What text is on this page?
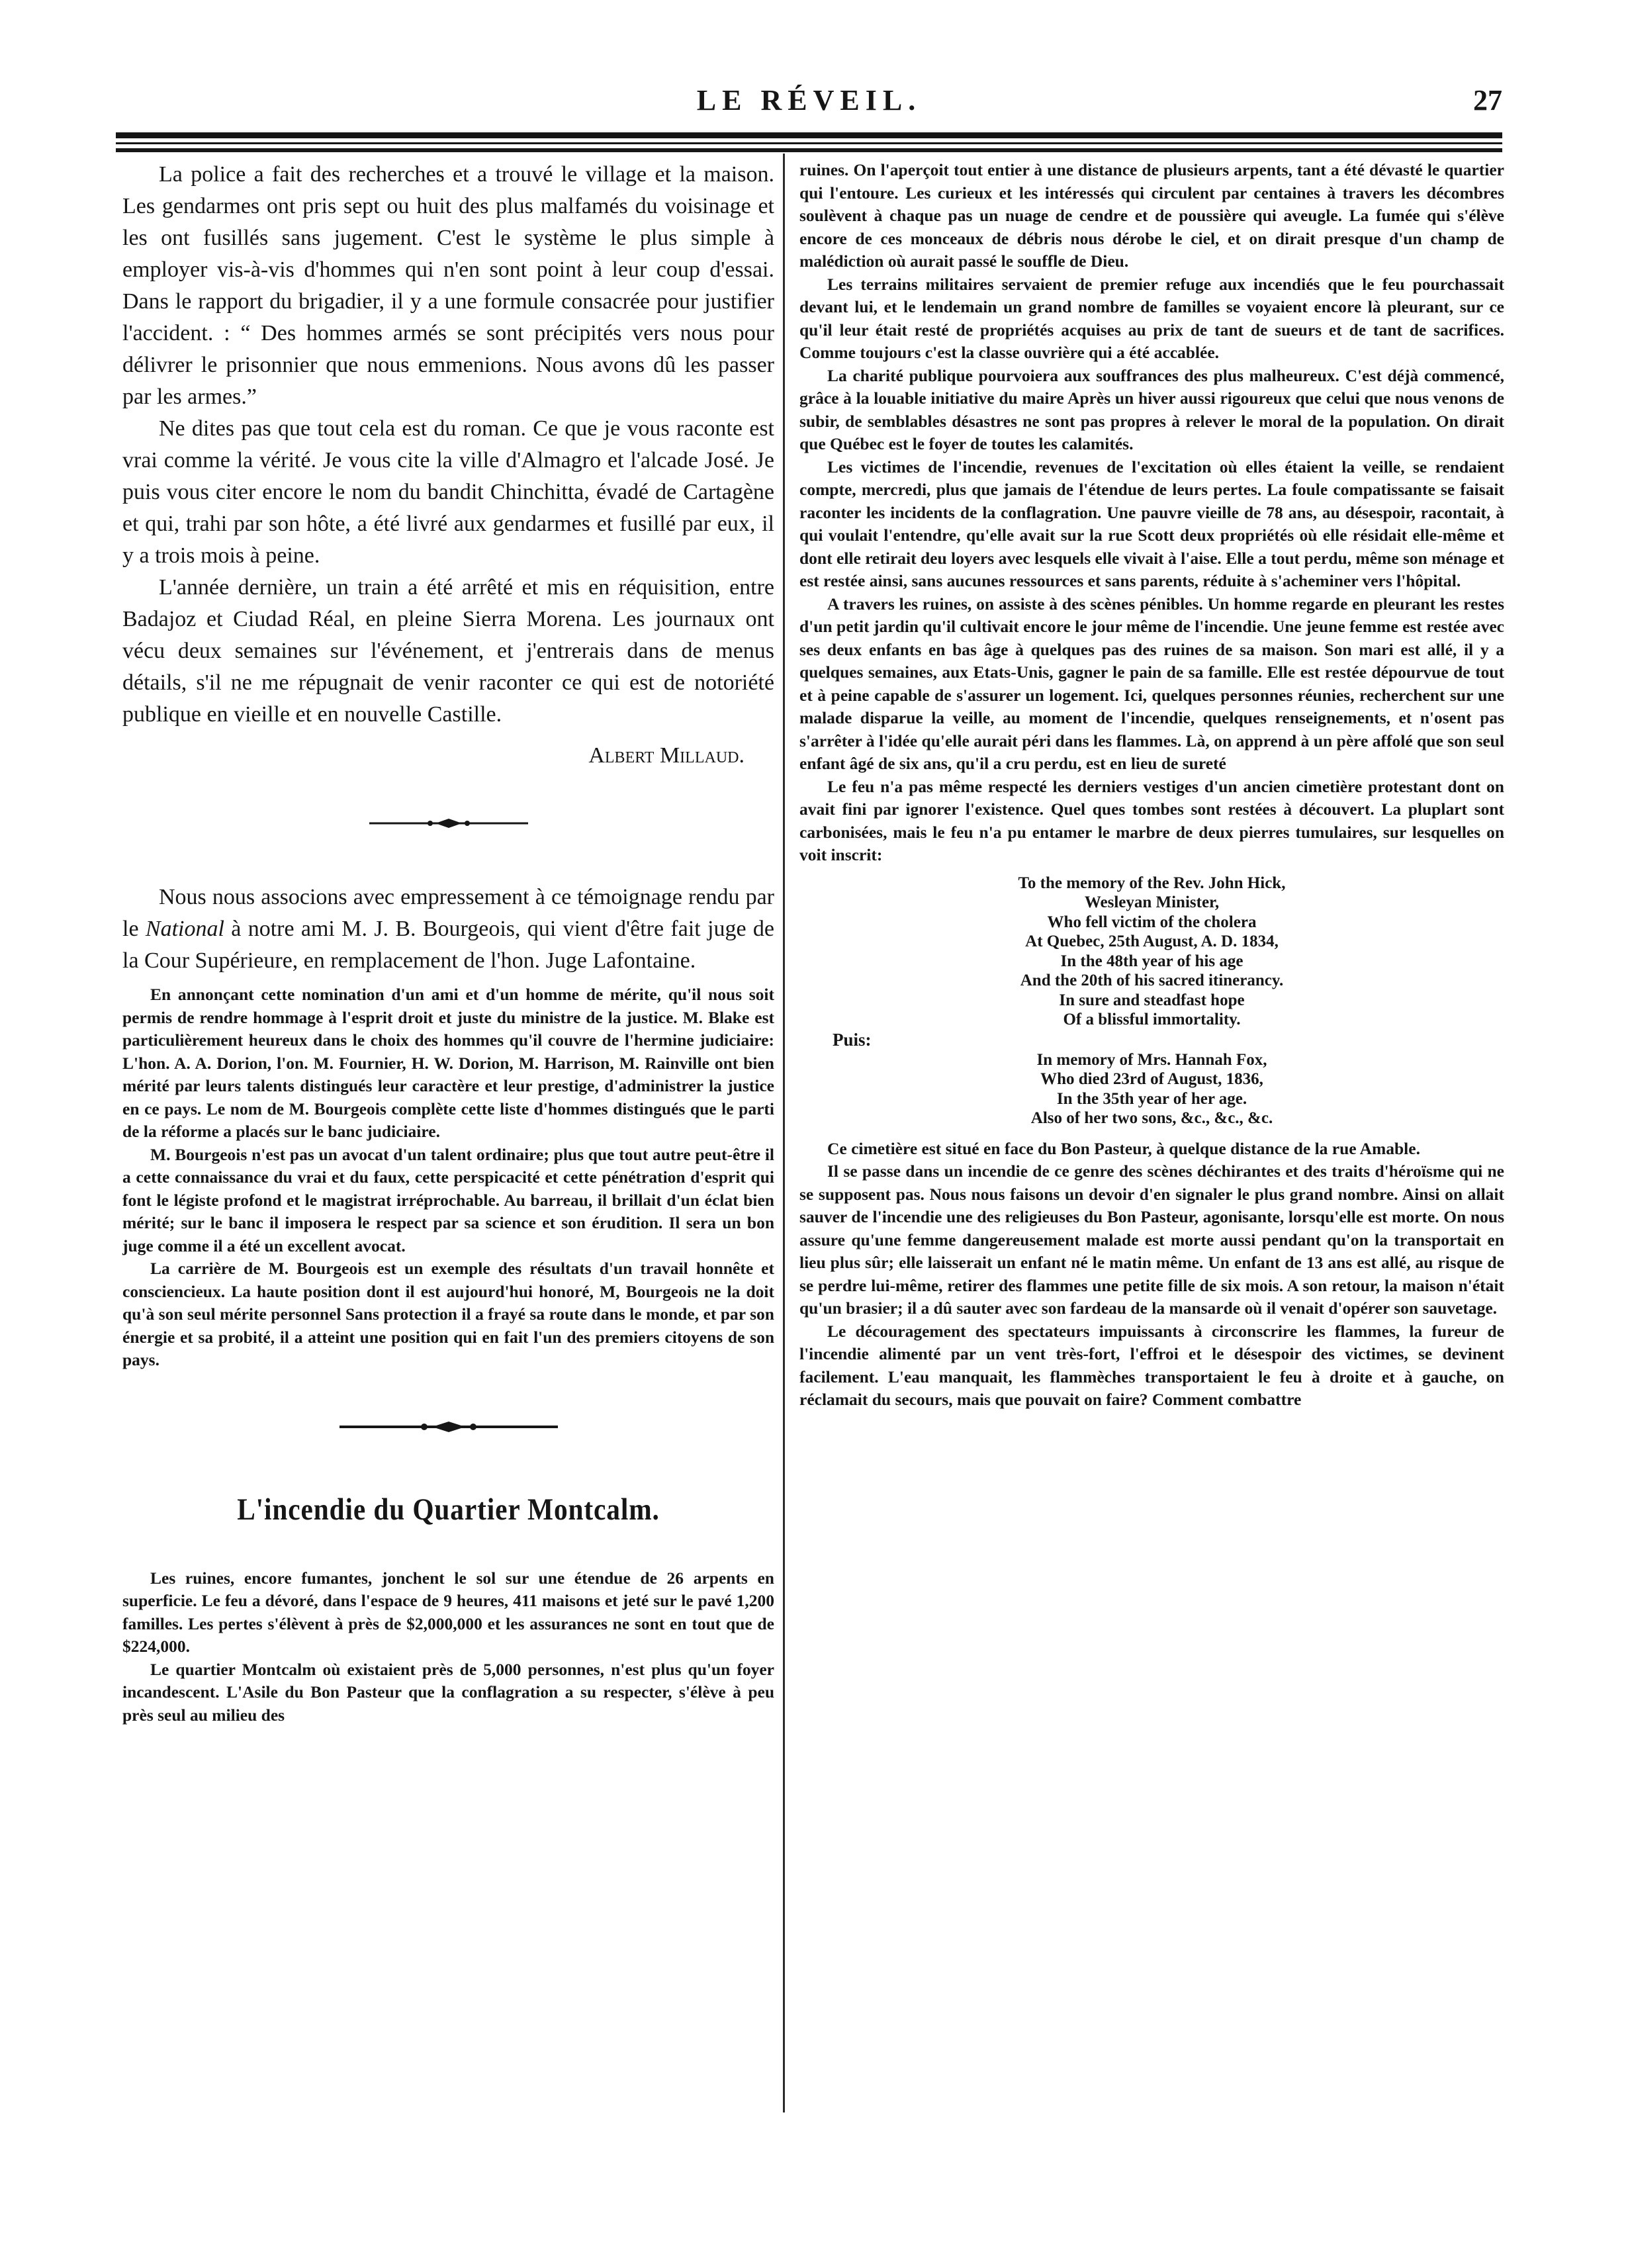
LE RÉVEIL.	27

La police a fait des recherches et a trouvé le village et la maison. Les gendarmes ont pris sept ou huit des plus malfamés du voisinage et les ont fusillés sans jugement. C'est le système le plus simple à employer vis-à-vis d'hommes qui n'en sont point à leur coup d'essai. Dans le rapport du brigadier, il y a une formule consacrée pour justifier l'accident. : “ Des hommes armés se sont précipités vers nous pour délivrer le prisonnier que nous emmenions. Nous avons dû les passer par les armes.”

Ne dites pas que tout cela est du roman. Ce que je vous raconte est vrai comme la vérité. Je vous cite la ville d'Almagro et l'alcade José. Je puis vous citer encore le nom du bandit Chinchitta, évadé de Cartagène et qui, trahi par son hôte, a été livré aux gendarmes et fusillé par eux, il y a trois mois à peine.

L'année dernière, un train a été arrêté et mis en réquisition, entre Badajoz et Ciudad Réal, en pleine Sierra Morena. Les journaux ont vécu deux semaines sur l'événement, et j'entrerais dans de menus détails, s'il ne me répugnait de venir raconter ce qui est de notoriété publique en vieille et en nouvelle Castille.

Albert Millaud.

Nous nous associons avec empressement à ce témoignage rendu par le National à notre ami M. J. B. Bourgeois, qui vient d'être fait juge de la Cour Supérieure, en remplacement de l'hon. Juge Lafontaine.

En annonçant cette nomination d'un ami et d'un homme de mérite, qu'il nous soit permis de rendre hommage à l'esprit droit et juste du ministre de la justice. M. Blake est particulièrement heureux dans le choix des hommes qu'il couvre de l'hermine judiciaire: L'hon. A. A. Dorion, l'on. M. Fournier, H. W. Dorion, M. Harrison, M. Rainville ont bien mérité par leurs talents distingués leur caractère et leur prestige, d'administrer la justice en ce pays. Le nom de M. Bourgeois complète cette liste d'hommes distingués que le parti de la réforme a placés sur le banc judiciaire.

M. Bourgeois n'est pas un avocat d'un talent ordinaire; plus que tout autre peut-être il a cette connaissance du vrai et du faux, cette perspicacité et cette pénétration d'esprit qui font le légiste profond et le magistrat irréprochable. Au barreau, il brillait d'un éclat bien mérité; sur le banc il imposera le respect par sa science et son érudition. Il sera un bon juge comme il a été un excellent avocat.

La carrière de M. Bourgeois est un exemple des résultats d'un travail honnête et consciencieux. La haute position dont il est aujourd'hui honoré, M, Bourgeois ne la doit qu'à son seul mérite personnel Sans protection il a frayé sa route dans le monde, et par son énergie et sa probité, il a atteint une position qui en fait l'un des premiers citoyens de son pays.

L'incendie du Quartier Montcalm.

Les ruines, encore fumantes, jonchent le sol sur une étendue de 26 arpents en superficie. Le feu a dévoré, dans l'espace de 9 heures, 411 maisons et jeté sur le pavé 1,200 familles. Les pertes s'élèvent à près de $2,000,000 et les assurances ne sont en tout que de $224,000.

Le quartier Montcalm où existaient près de 5,000 personnes, n'est plus qu'un foyer incandescent. L'Asile du Bon Pasteur que la conflagration a su respecter, s'élève à peu près seul au milieu des

ruines. On l'aperçoit tout entier à une distance de plusieurs arpents, tant a été dévasté le quartier qui l'entoure. Les curieux et les intéressés qui circulent par centaines à travers les décombres soulèvent à chaque pas un nuage de cendre et de poussière qui aveugle. La fumée qui s'élève encore de ces monceaux de débris nous dérobe le ciel, et on dirait presque d'un champ de malédiction où aurait passé le souffle de Dieu.

Les terrains militaires servaient de premier refuge aux incendiés que le feu pourchassait devant lui, et le lendemain un grand nombre de familles se voyaient encore là pleurant, sur ce qu'il leur était resté de propriétés acquises au prix de tant de sueurs et de tant de sacrifices. Comme toujours c'est la classe ouvrière qui a été accablée.

La charité publique pourvoiera aux souffrances des plus malheureux. C'est déjà commencé, grâce à la louable initiative du maire Après un hiver aussi rigoureux que celui que nous venons de subir, de semblables désastres ne sont pas propres à relever le moral de la population. On dirait que Québec est le foyer de toutes les calamités.

Les victimes de l'incendie, revenues de l'excitation où elles étaient la veille, se rendaient compte, mercredi, plus que jamais de l'étendue de leurs pertes. La foule compatissante se faisait raconter les incidents de la conflagration. Une pauvre vieille de 78 ans, au désespoir, racontait, à qui voulait l'entendre, qu'elle avait sur la rue Scott deux propriétés où elle résidait elle-même et dont elle retirait deu loyers avec lesquels elle vivait à l'aise. Elle a tout perdu, même son ménage et est restée ainsi, sans aucunes ressources et sans parents, réduite à s'acheminer vers l'hôpital.

A travers les ruines, on assiste à des scènes pénibles. Un homme regarde en pleurant les restes d'un petit jardin qu'il cultivait encore le jour même de l'incendie. Une jeune femme est restée avec ses deux enfants en bas âge à quelques pas des ruines de sa maison. Son mari est allé, il y a quelques semaines, aux Etats-Unis, gagner le pain de sa famille. Elle est restée dépourvue de tout et à peine capable de s'assurer un logement. Ici, quelques personnes réunies, recherchent sur une malade disparue la veille, au moment de l'incendie, quelques renseignements, et n'osent pas s'arrêter à l'idée qu'elle aurait péri dans les flammes. Là, on apprend à un père affolé que son seul enfant âgé de six ans, qu'il a cru perdu, est en lieu de sureté

Le feu n'a pas même respecté les derniers vestiges d'un ancien cimetière protestant dont on avait fini par ignorer l'existence. Quel ques tombes sont restées à découvert. La pluplart sont carbonisées, mais le feu n'a pu entamer le marbre de deux pierres tumulaires, sur lesquelles on voit inscrit:

To the memory of the Rev. John Hick,
Wesleyan Minister,
Who fell victim of the cholera
At Quebec, 25th August, A. D. 1834,
In the 48th year of his age
And the 20th of his sacred itinerancy.
In sure and steadfast hope
Of a blissful immortality.
Puis:
In memory of Mrs. Hannah Fox,
Who died 23rd of August, 1836,
In the 35th year of her age.
Also of her two sons, &c., &c., &c.

Ce cimetière est situé en face du Bon Pasteur, à quelque distance de la rue Amable.

Il se passe dans un incendie de ce genre des scènes déchirantes et des traits d'héroïsme qui ne se supposent pas. Nous nous faisons un devoir d'en signaler le plus grand nombre. Ainsi on allait sauver de l'incendie une des religieuses du Bon Pasteur, agonisante, lorsqu'elle est morte. On nous assure qu'une femme dangereusement malade est morte aussi pendant qu'on la transportait en lieu plus sûr; elle laisserait un enfant né le matin même. Un enfant de 13 ans est allé, au risque de se perdre lui-même, retirer des flammes une petite fille de six mois. A son retour, la maison n'était qu'un brasier; il a dû sauter avec son fardeau de la mansarde où il venait d'opérer son sauvetage.

Le découragement des spectateurs impuissants à circonscrire les flammes, la fureur de l'incendie alimenté par un vent très-fort, l'effroi et le désespoir des victimes, se devinent facilement. L'eau manquait, les flammèches transportaient le feu à droite et à gauche, on réclamait du secours, mais que pouvait on faire? Comment combattre
